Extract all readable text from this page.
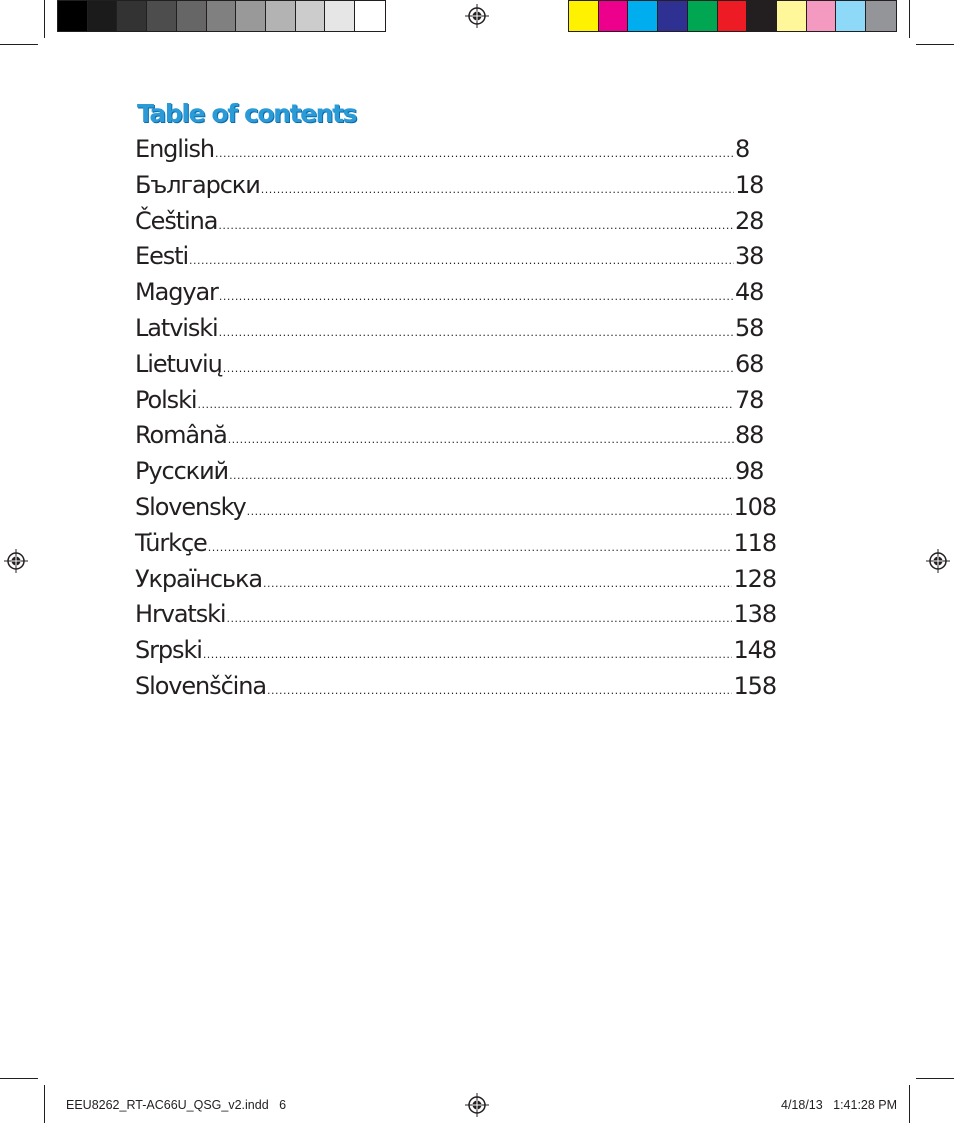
Table of contents
English .....	8
Български .....	18
Čeština .....	28
Eesti .....	38
Magyar .....	48
Latviski .....	58
Lietuvių .....	68
Polski .....	78
Română .....	88
Русский .....	98
Slovensky .....	108
Türkçe .....	118
Українська .....	128
Hrvatski .....	138
Srpski .....	148
Slovenščina .....	158
EEU8262_RT-AC66U_QSG_v2.indd   6	4/18/13   1:41:28 PM
